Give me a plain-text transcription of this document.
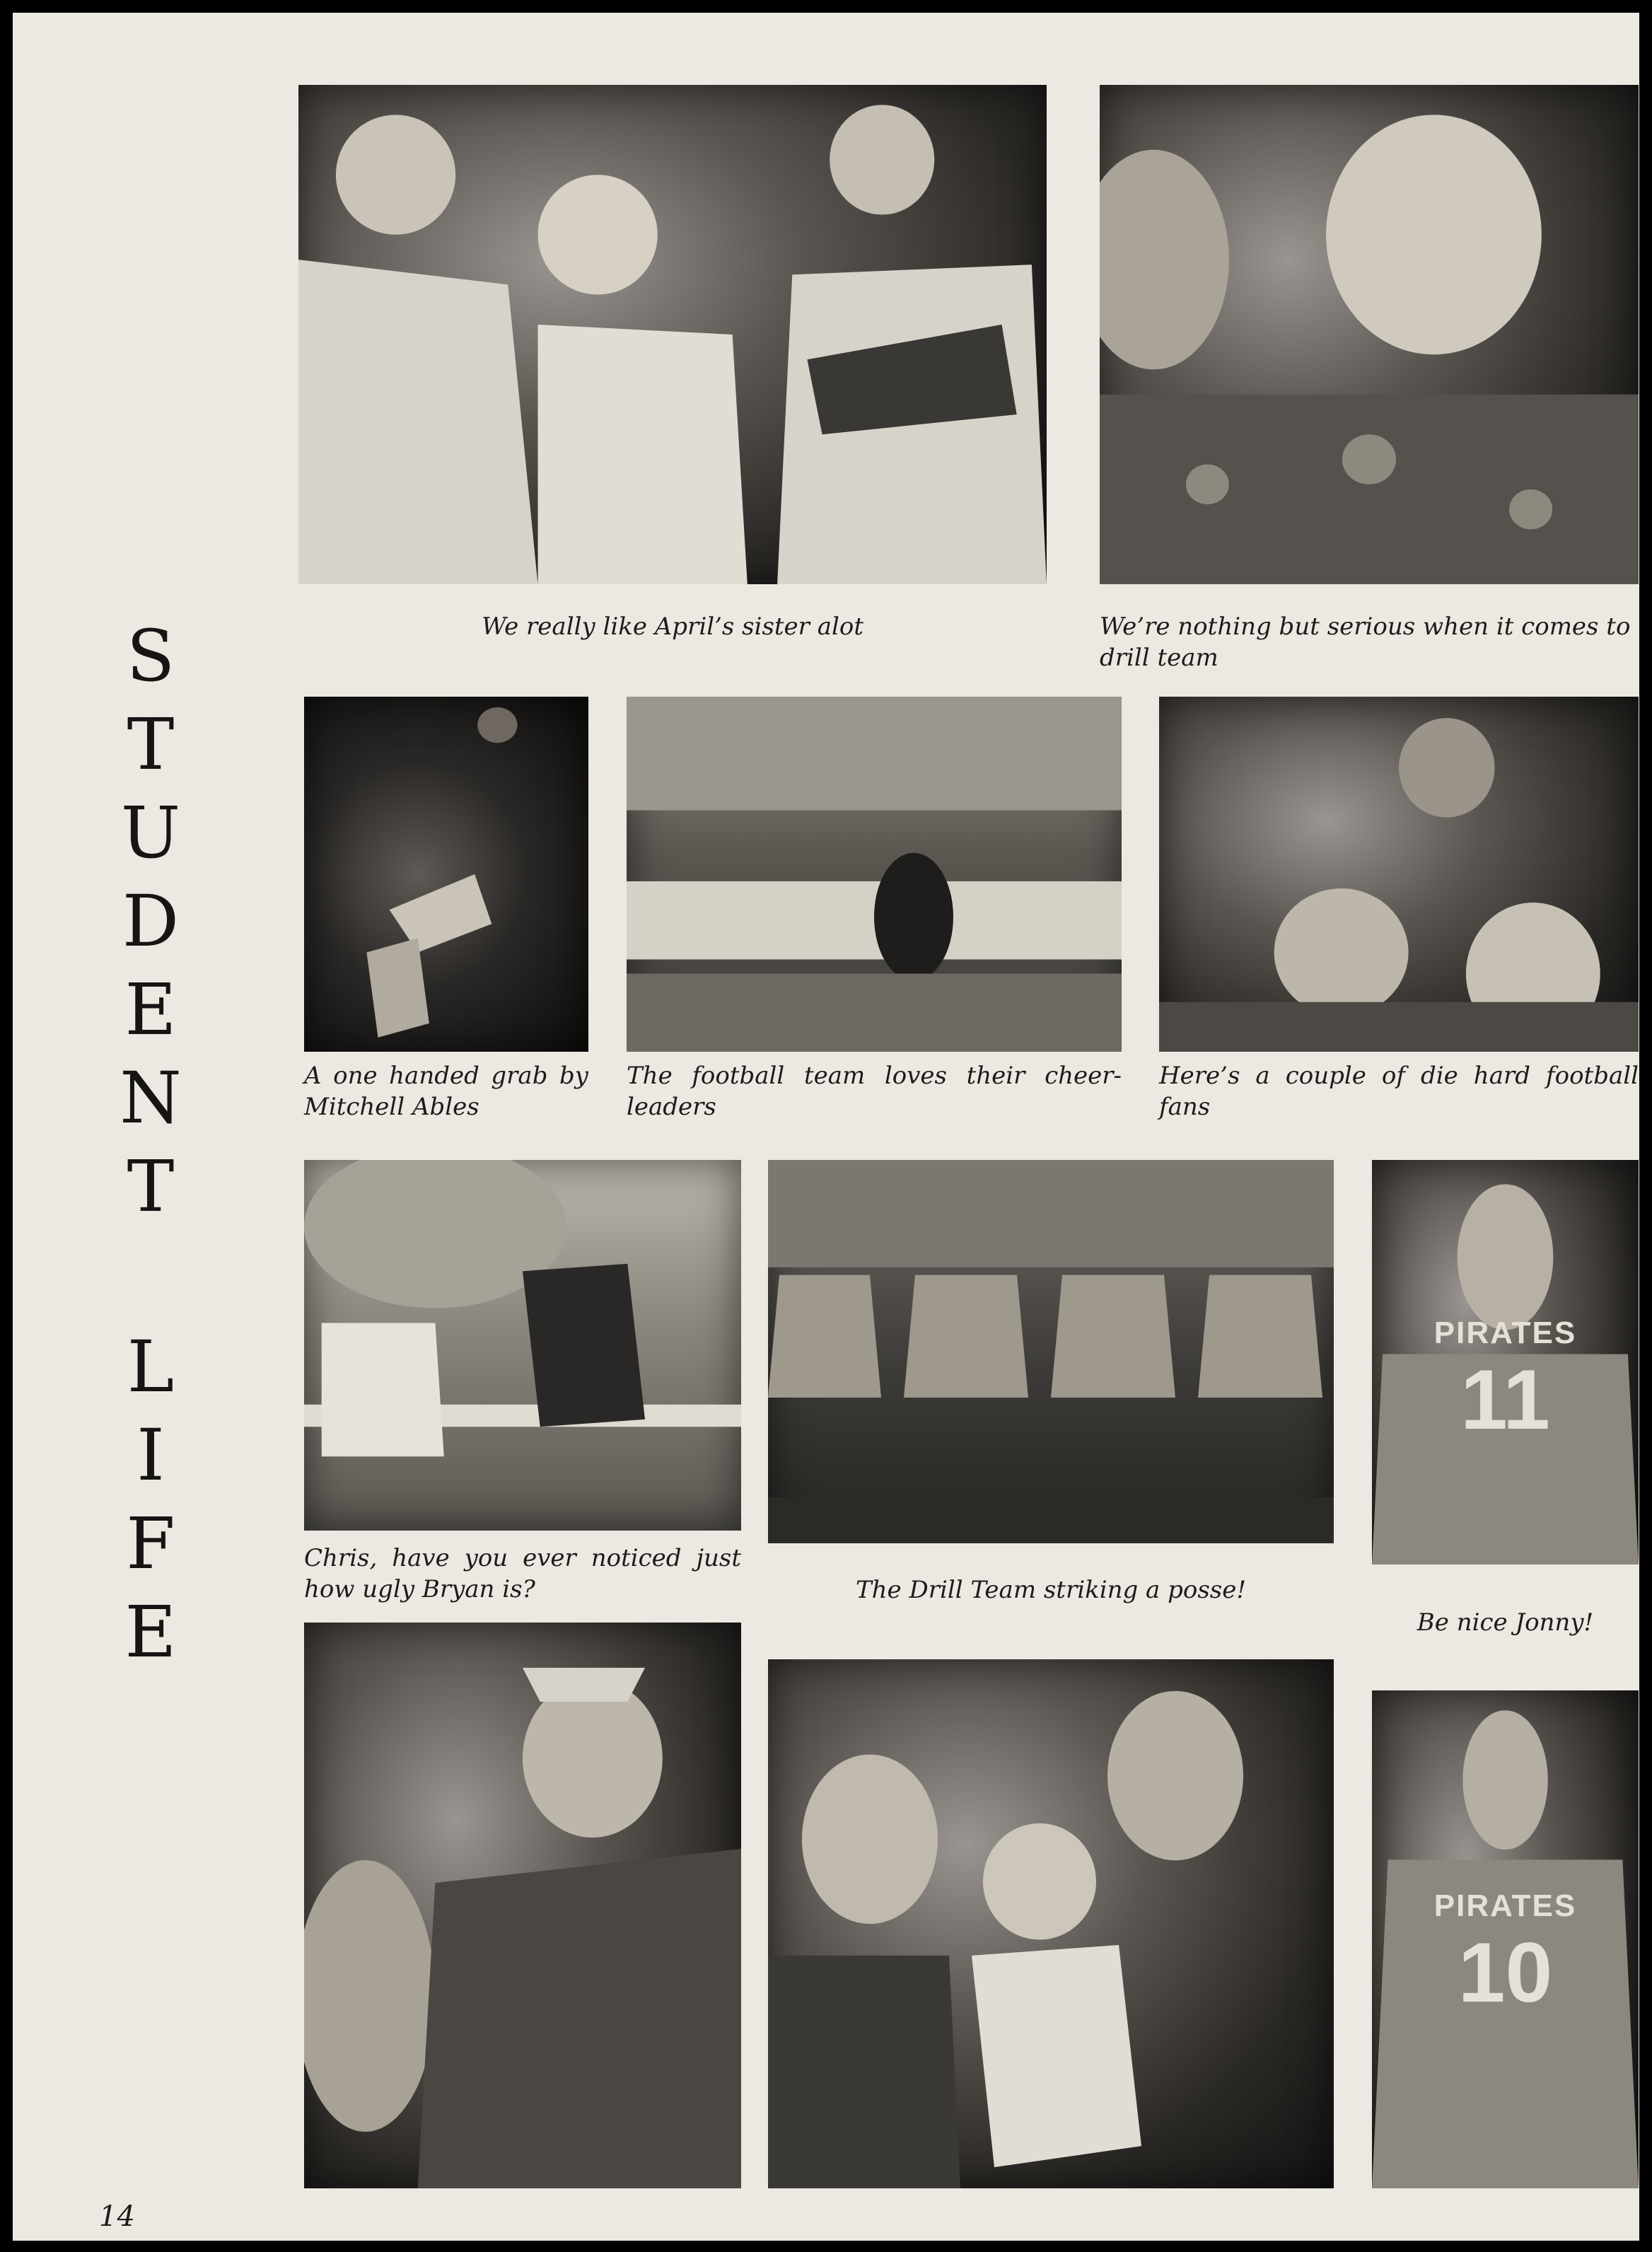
S
T
U
D
E
N
T
L
I
F
E
We really like April’s sister alot	We’re nothing but serious when it comes to drill team
A one handed grab by Mitchell Ables
The football team loves their cheer-leaders
Here’s a couple of die hard football fans
PIRATES
11
Chris, have you ever noticed just how ugly Bryan is?	The Drill Team striking a posse!
Be nice Jonny!
PIRATES
10
14
